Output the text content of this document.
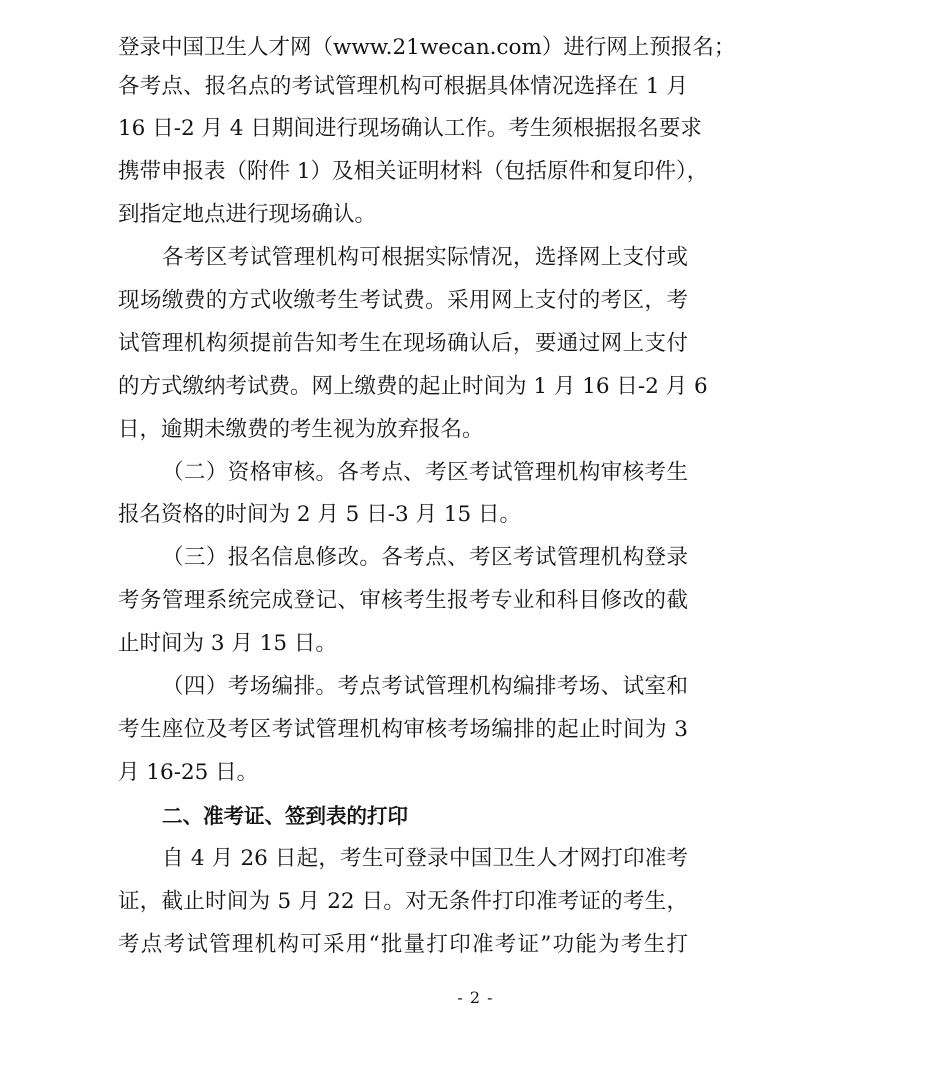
登录中国卫生人才网（www.21wecan.com）进行网上预报名；
各考点、报名点的考试管理机构可根据具体情况选择在 1 月
16 日-2 月 4 日期间进行现场确认工作。考生须根据报名要求
携带申报表（附件 1）及相关证明材料（包括原件和复印件），
到指定地点进行现场确认。
各考区考试管理机构可根据实际情况，选择网上支付或
现场缴费的方式收缴考生考试费。采用网上支付的考区，考
试管理机构须提前告知考生在现场确认后，要通过网上支付
的方式缴纳考试费。网上缴费的起止时间为 1 月 16 日-2 月 6
日，逾期未缴费的考生视为放弃报名。
（二）资格审核。各考点、考区考试管理机构审核考生
报名资格的时间为 2 月 5 日-3 月 15 日。
（三）报名信息修改。各考点、考区考试管理机构登录
考务管理系统完成登记、审核考生报考专业和科目修改的截
止时间为 3 月 15 日。
（四）考场编排。考点考试管理机构编排考场、试室和
考生座位及考区考试管理机构审核考场编排的起止时间为 3
月 16-25 日。
二、准考证、签到表的打印
自 4 月 26 日起，考生可登录中国卫生人才网打印准考
证，截止时间为 5 月 22 日。对无条件打印准考证的考生，
考点考试管理机构可采用“批量打印准考证”功能为考生打
- 2 -
